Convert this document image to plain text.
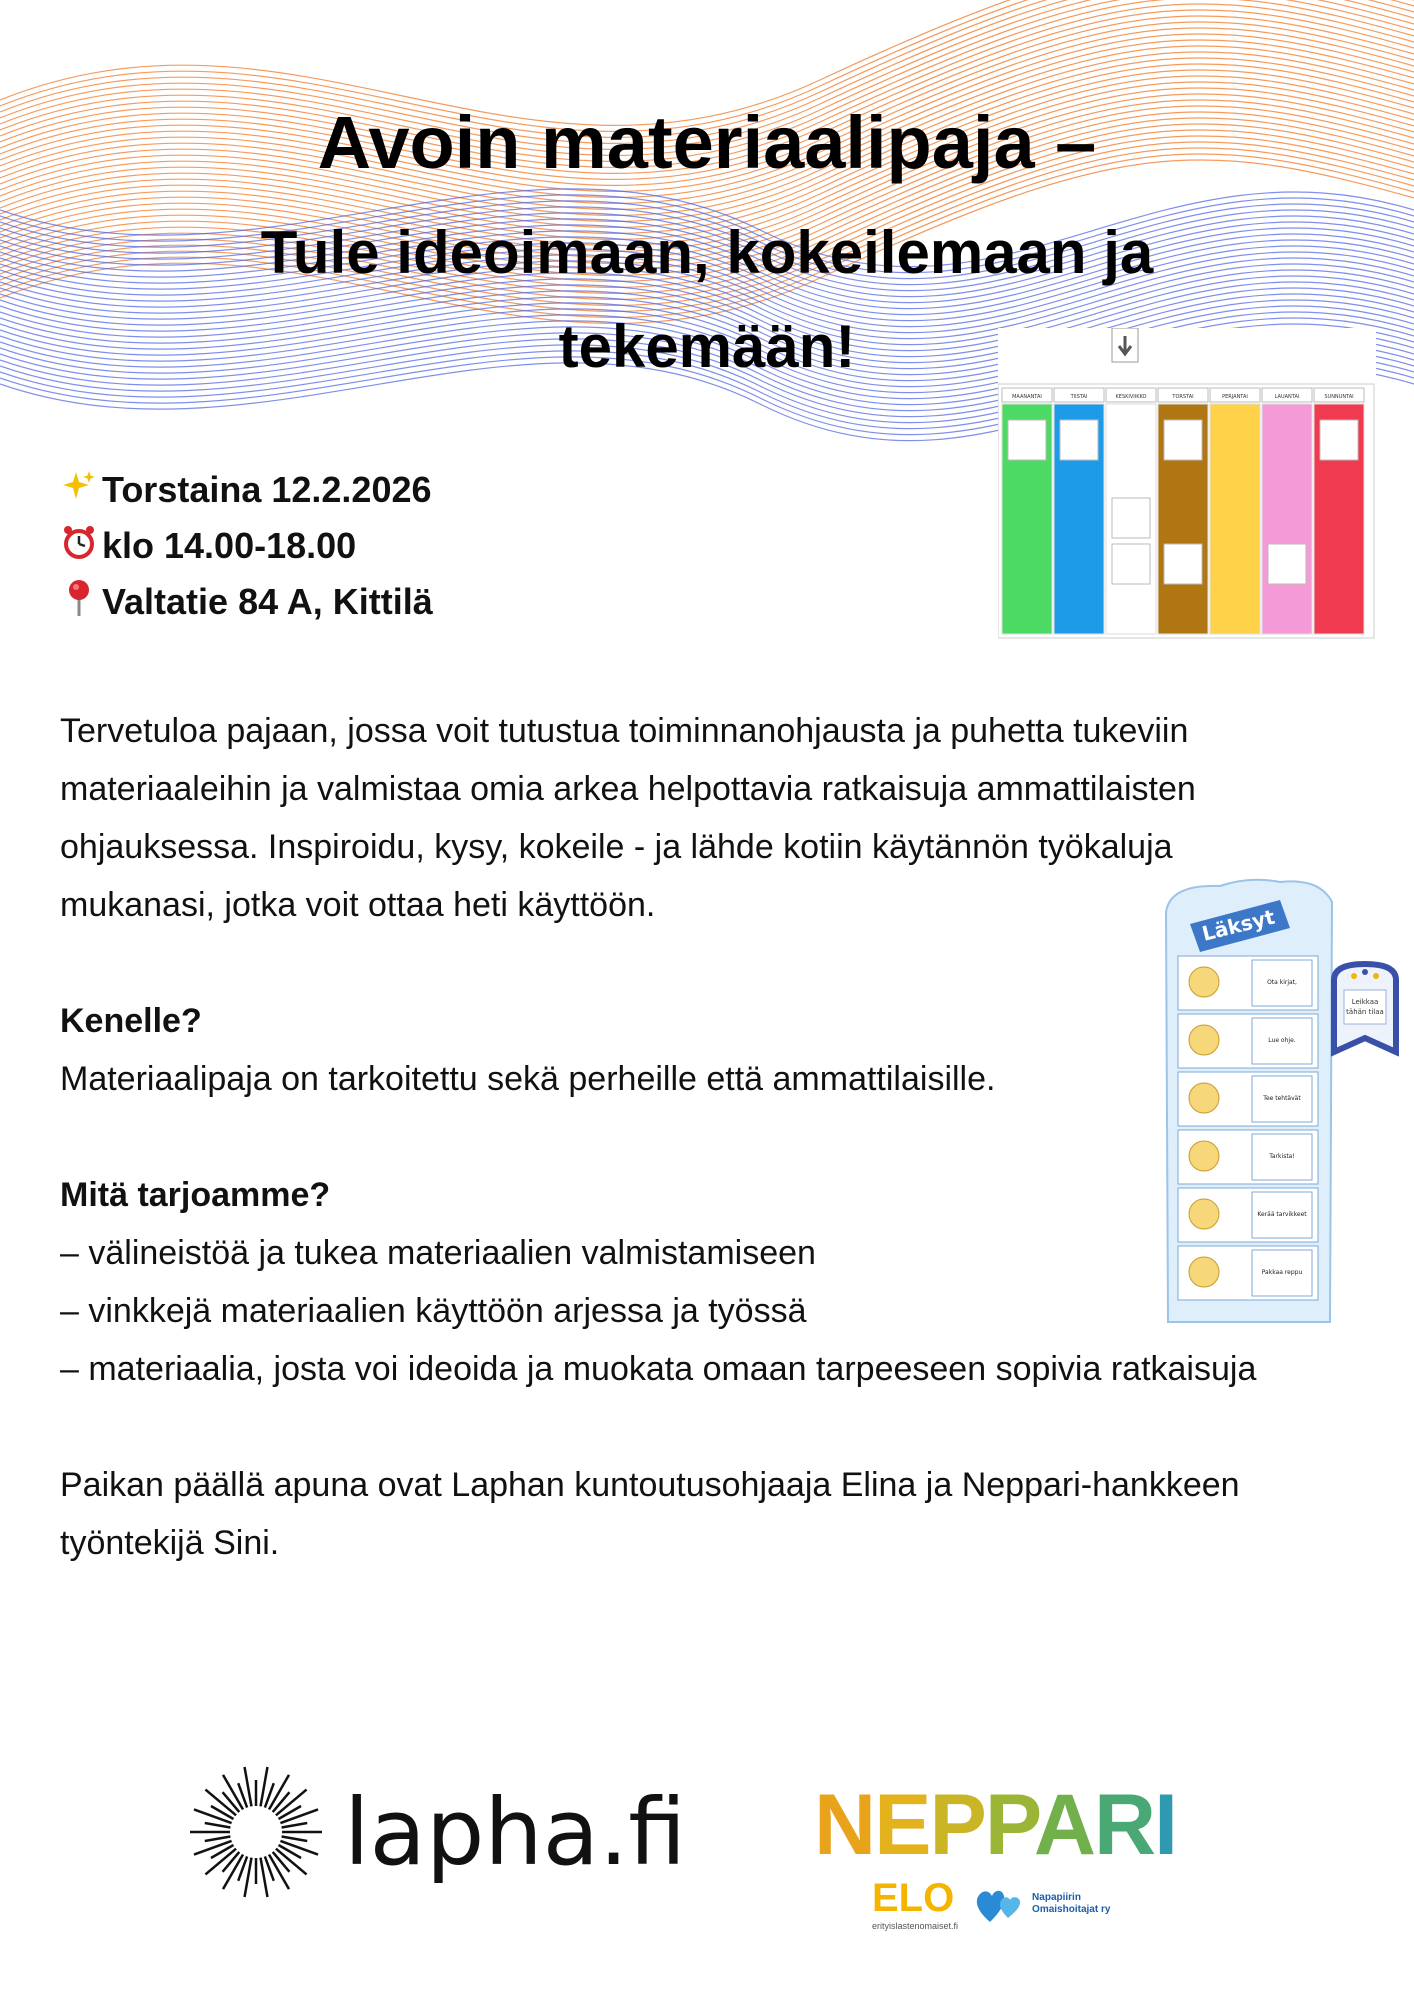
Avoin materiaalipaja –
Tule ideoimaan, kokeilemaan ja
tekemään!
Torstaina 12.2.2026
klo 14.00-18.00
Valtatie 84 A, Kittilä
MAANANTAI	TIISTAI	KESKIVIIKKO	TORSTAI	PERJANTAI	LAUANTAI	SUNNUNTAI
Läksyt
Ota kirjat,
Lue ohje.
Tee tehtävät
Tarkista!
Kerää tarvikkeet
Pakkaa reppu
Leikkaa
tähän tilaa

Tervetuloa pajaan, jossa voit tutustua toiminnanohjausta ja puhetta tukeviin materiaaleihin ja valmistaa omia arkea helpottavia ratkaisuja ammattilaisten ohjauksessa. Inspiroidu, kysy, kokeile - ja lähde kotiin käytännön työkaluja mukanasi, jotka voit ottaa heti käyttöön.

Kenelle?

Materiaalipaja on tarkoitettu sekä perheille että ammattilaisille.

Mitä tarjoamme?

– välineistöä ja tukea materiaalien valmistamiseen

– vinkkejä materiaalien käyttöön arjessa ja työssä

– materiaalia, josta voi ideoida ja muokata omaan tarpeeseen sopivia ratkaisuja

Paikan päällä apuna ovat Laphan kuntoutusohjaaja Elina ja Neppari-hankkeen työntekijä Sini.

lapha.fi NEPPARI
ELO
erityislastenomaiset.fi
Napapiirin
Omaishoitajat ry
